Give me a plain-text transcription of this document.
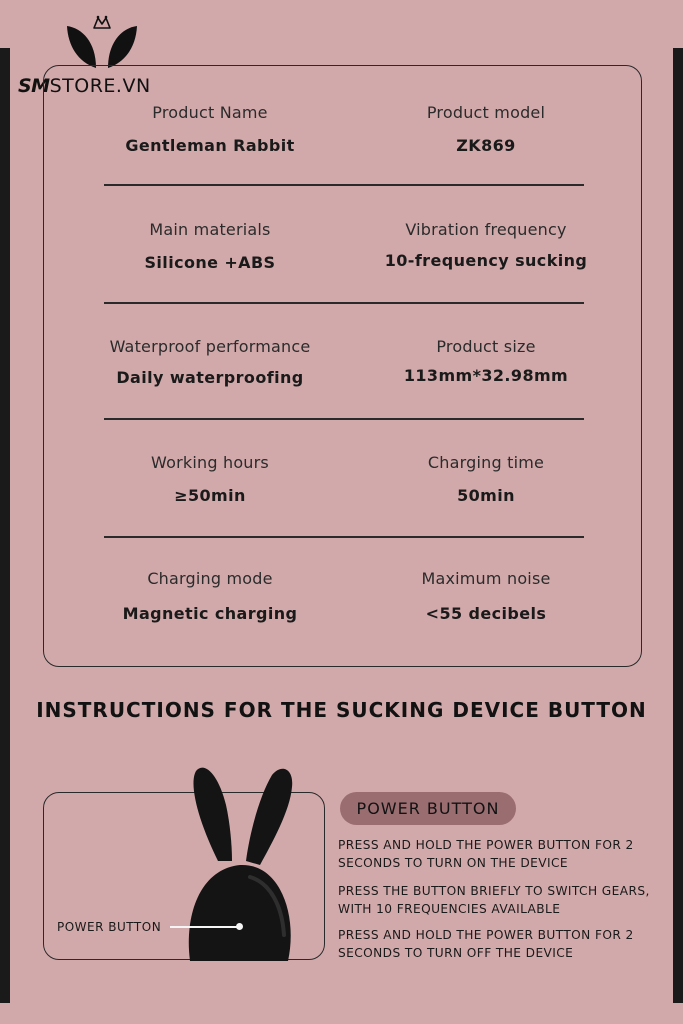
SMSTORE.VN
Product Name
Gentleman Rabbit
Product model
ZK869
Main materials
Silicone +ABS
Vibration frequency
10-frequency sucking
Waterproof performance
Daily waterproofing
Product size
113mm*32.98mm
Working hours
≥50min
Charging time
50min
Charging mode
Magnetic charging
Maximum noise
<55 decibels
INSTRUCTIONS FOR THE SUCKING DEVICE BUTTON
POWER BUTTON
POWER BUTTON
PRESS AND HOLD THE POWER BUTTON FOR 2 SECONDS TO TURN ON THE DEVICE
PRESS THE BUTTON BRIEFLY TO SWITCH GEARS, WITH 10 FREQUENCIES AVAILABLE
PRESS AND HOLD THE POWER BUTTON FOR 2 SECONDS TO TURN OFF THE DEVICE
